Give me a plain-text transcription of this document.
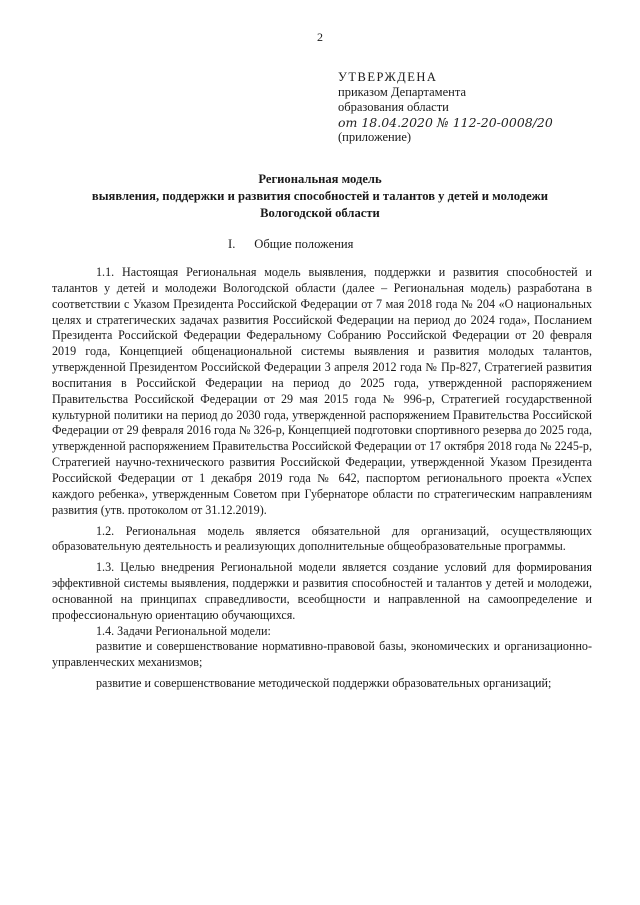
2
УТВЕРЖДЕНА
приказом Департамента
образования области
от 18.04.2020 № 112-20-0008/20
(приложение)
Региональная модель
выявления, поддержки и развития способностей и талантов у детей и молодежи
Вологодской области
I.      Общие положения

1.1. Настоящая Региональная модель выявления, поддержки и развития способностей и талантов у детей и молодежи Вологодской области (далее – Региональная модель) разработана в соответствии с Указом Президента Российской Федерации от 7 мая 2018 года № 204 «О национальных целях и стратегических задачах развития Российской Федерации на период до 2024 года», Посланием Президента Российской Федерации Федеральному Собранию Российской Федерации от 20 февраля 2019 года, Концепцией общенациональной системы выявления и развития молодых талантов, утвержденной Президентом Российской Федерации 3 апреля 2012 года № Пр-827, Стратегией развития воспитания в Российской Федерации на период до 2025 года, утвержденной распоряжением Правительства Российской Федерации от 29 мая 2015 года № 996-р, Стратегией государственной культурной политики на период до 2030 года, утвержденной распоряжением Правительства Российской Федерации от 29 февраля 2016 года № 326-р, Концепцией подготовки спортивного резерва до 2025 года, утвержденной распоряжением Правительства Российской Федерации от 17 октября 2018 года № 2245-р, Стратегией научно-технического развития Российской Федерации, утвержденной Указом Президента Российской Федерации от 1 декабря 2019 года № 642, паспортом регионального проекта «Успех каждого ребенка», утвержденным Советом при Губернаторе области по стратегическим направлениям развития (утв. протоколом от 31.12.2019).

1.2. Региональная модель является обязательной для организаций, осуществляющих образовательную деятельность и реализующих дополнительные общеобразовательные программы.

1.3. Целью внедрения Региональной модели является создание условий для формирования эффективной системы выявления, поддержки и развития способностей и талантов у детей и молодежи, основанной на принципах справедливости, всеобщности и направленной на самоопределение и профессиональную ориентацию обучающихся.

1.4. Задачи Региональной модели:

развитие и совершенствование нормативно-правовой базы, экономических и организационно-управленческих механизмов;

развитие и совершенствование методической поддержки образовательных организаций;
